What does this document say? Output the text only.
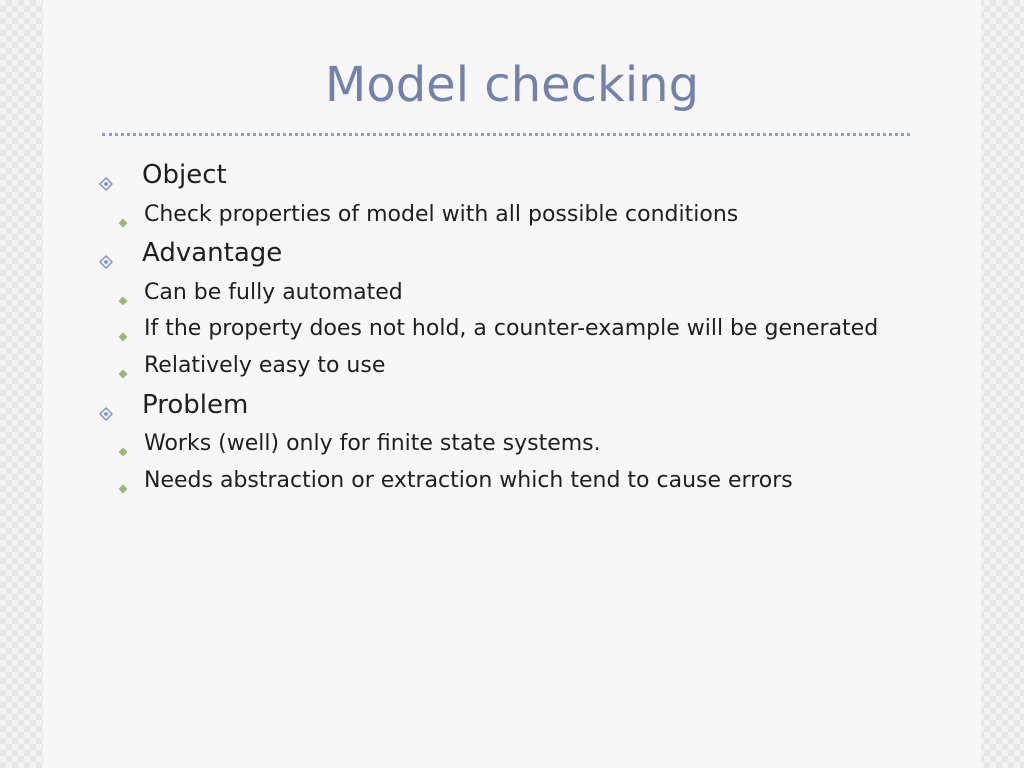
Model checking
Object
Check properties of model with all possible conditions
Advantage
Can be fully automated
If the property does not hold, a counter-example will be generated
Relatively easy to use
Problem
Works (well) only for finite state systems.
Needs abstraction or extraction which tend to cause errors
